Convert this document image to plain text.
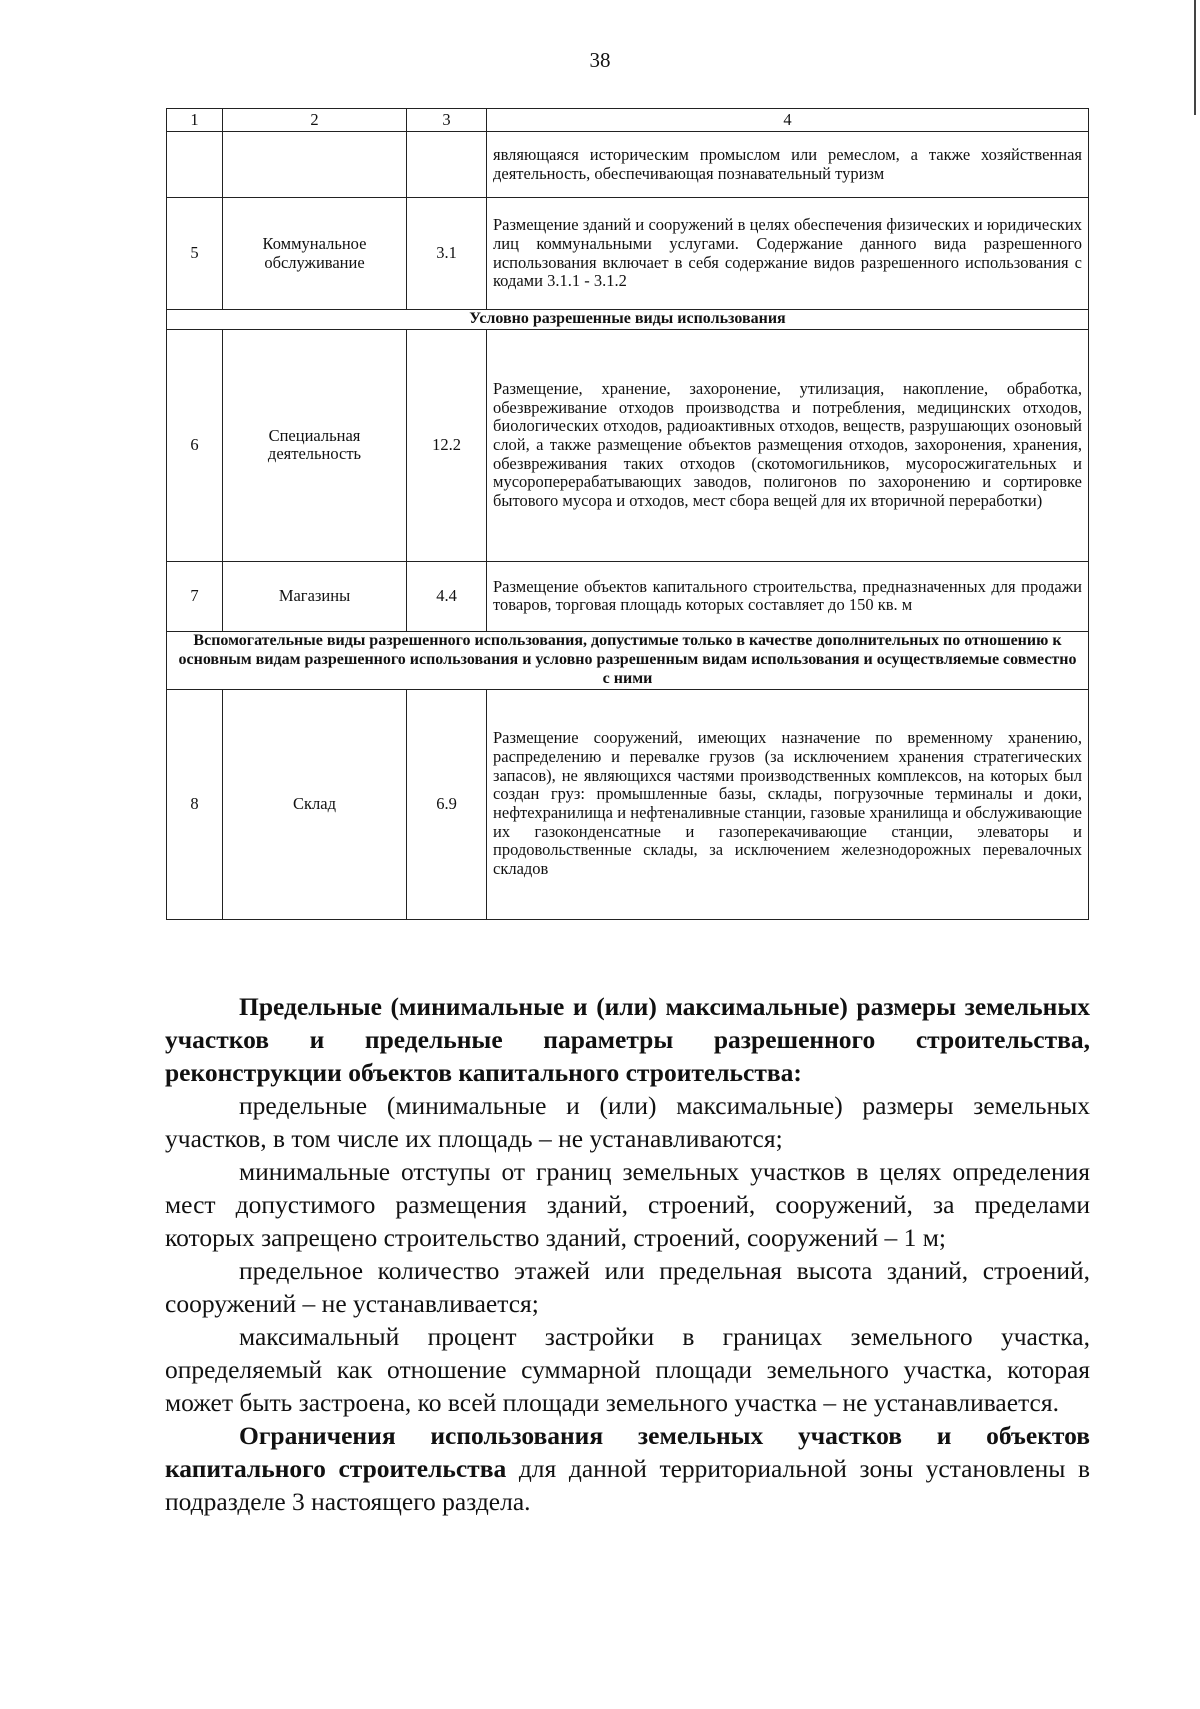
38
1	2	3	4
			являющаяся историческим промыслом или ремеслом, а также хозяйственная деятельность, обеспечивающая познавательный туризм
5	Коммунальное обслуживание	3.1	Размещение зданий и сооружений в целях обеспечения физических и юридических лиц коммунальными услугами. Содержание данного вида разрешенного использования включает в себя содержание видов разрешенного использования с кодами 3.1.1 - 3.1.2
Условно разрешенные виды использования			
6	Специальная деятельность	12.2	Размещение, хранение, захоронение, утилизация, накопление, обработка, обезвреживание отходов производства и потребления, медицинских отходов, биологических отходов, радиоактивных отходов, веществ, разрушающих озоновый слой, а также размещение объектов размещения отходов, захоронения, хранения, обезвреживания таких отходов (скотомогильников, мусоросжигательных и мусороперерабатывающих заводов, полигонов по захоронению и сортировке бытового мусора и отходов, мест сбора вещей для их вторичной переработки)
7	Магазины	4.4	Размещение объектов капитального строительства, предназначенных для продажи товаров, торговая площадь которых составляет до 150 кв. м
Вспомогательные виды разрешенного использования, допустимые только в качестве дополнительных по отношению к основным видам разрешенного использования и условно разрешенным видам использования и осуществляемые совместно с ними			
8	Склад	6.9	Размещение сооружений, имеющих назначение по временному хранению, распределению и перевалке грузов (за исключением хранения стратегических запасов), не являющихся частями производственных комплексов, на которых был создан груз: промышленные базы, склады, погрузочные терминалы и доки, нефтехранилища и нефтеналивные станции, газовые хранилища и обслуживающие их газоконденсатные и газоперекачивающие станции, элеваторы и продовольственные склады, за исключением железнодорожных перевалочных складов

Предельные (минимальные и (или) максимальные) размеры земельных участков и предельные параметры разрешенного строительства, реконструкции объектов капитального строительства:

предельные (минимальные и (или) максимальные) размеры земельных участков, в том числе их площадь – не устанавливаются;

минимальные отступы от границ земельных участков в целях определения мест допустимого размещения зданий, строений, сооружений, за пределами которых запрещено строительство зданий, строений, сооружений – 1 м;

предельное количество этажей или предельная высота зданий, строений, сооружений – не устанавливается;

максимальный процент застройки в границах земельного участка, определяемый как отношение суммарной площади земельного участка, которая может быть застроена, ко всей площади земельного участка – не устанавливается.

Ограничения использования земельных участков и объектов капитального строительства для данной территориальной зоны установлены в подразделе 3 настоящего раздела.
